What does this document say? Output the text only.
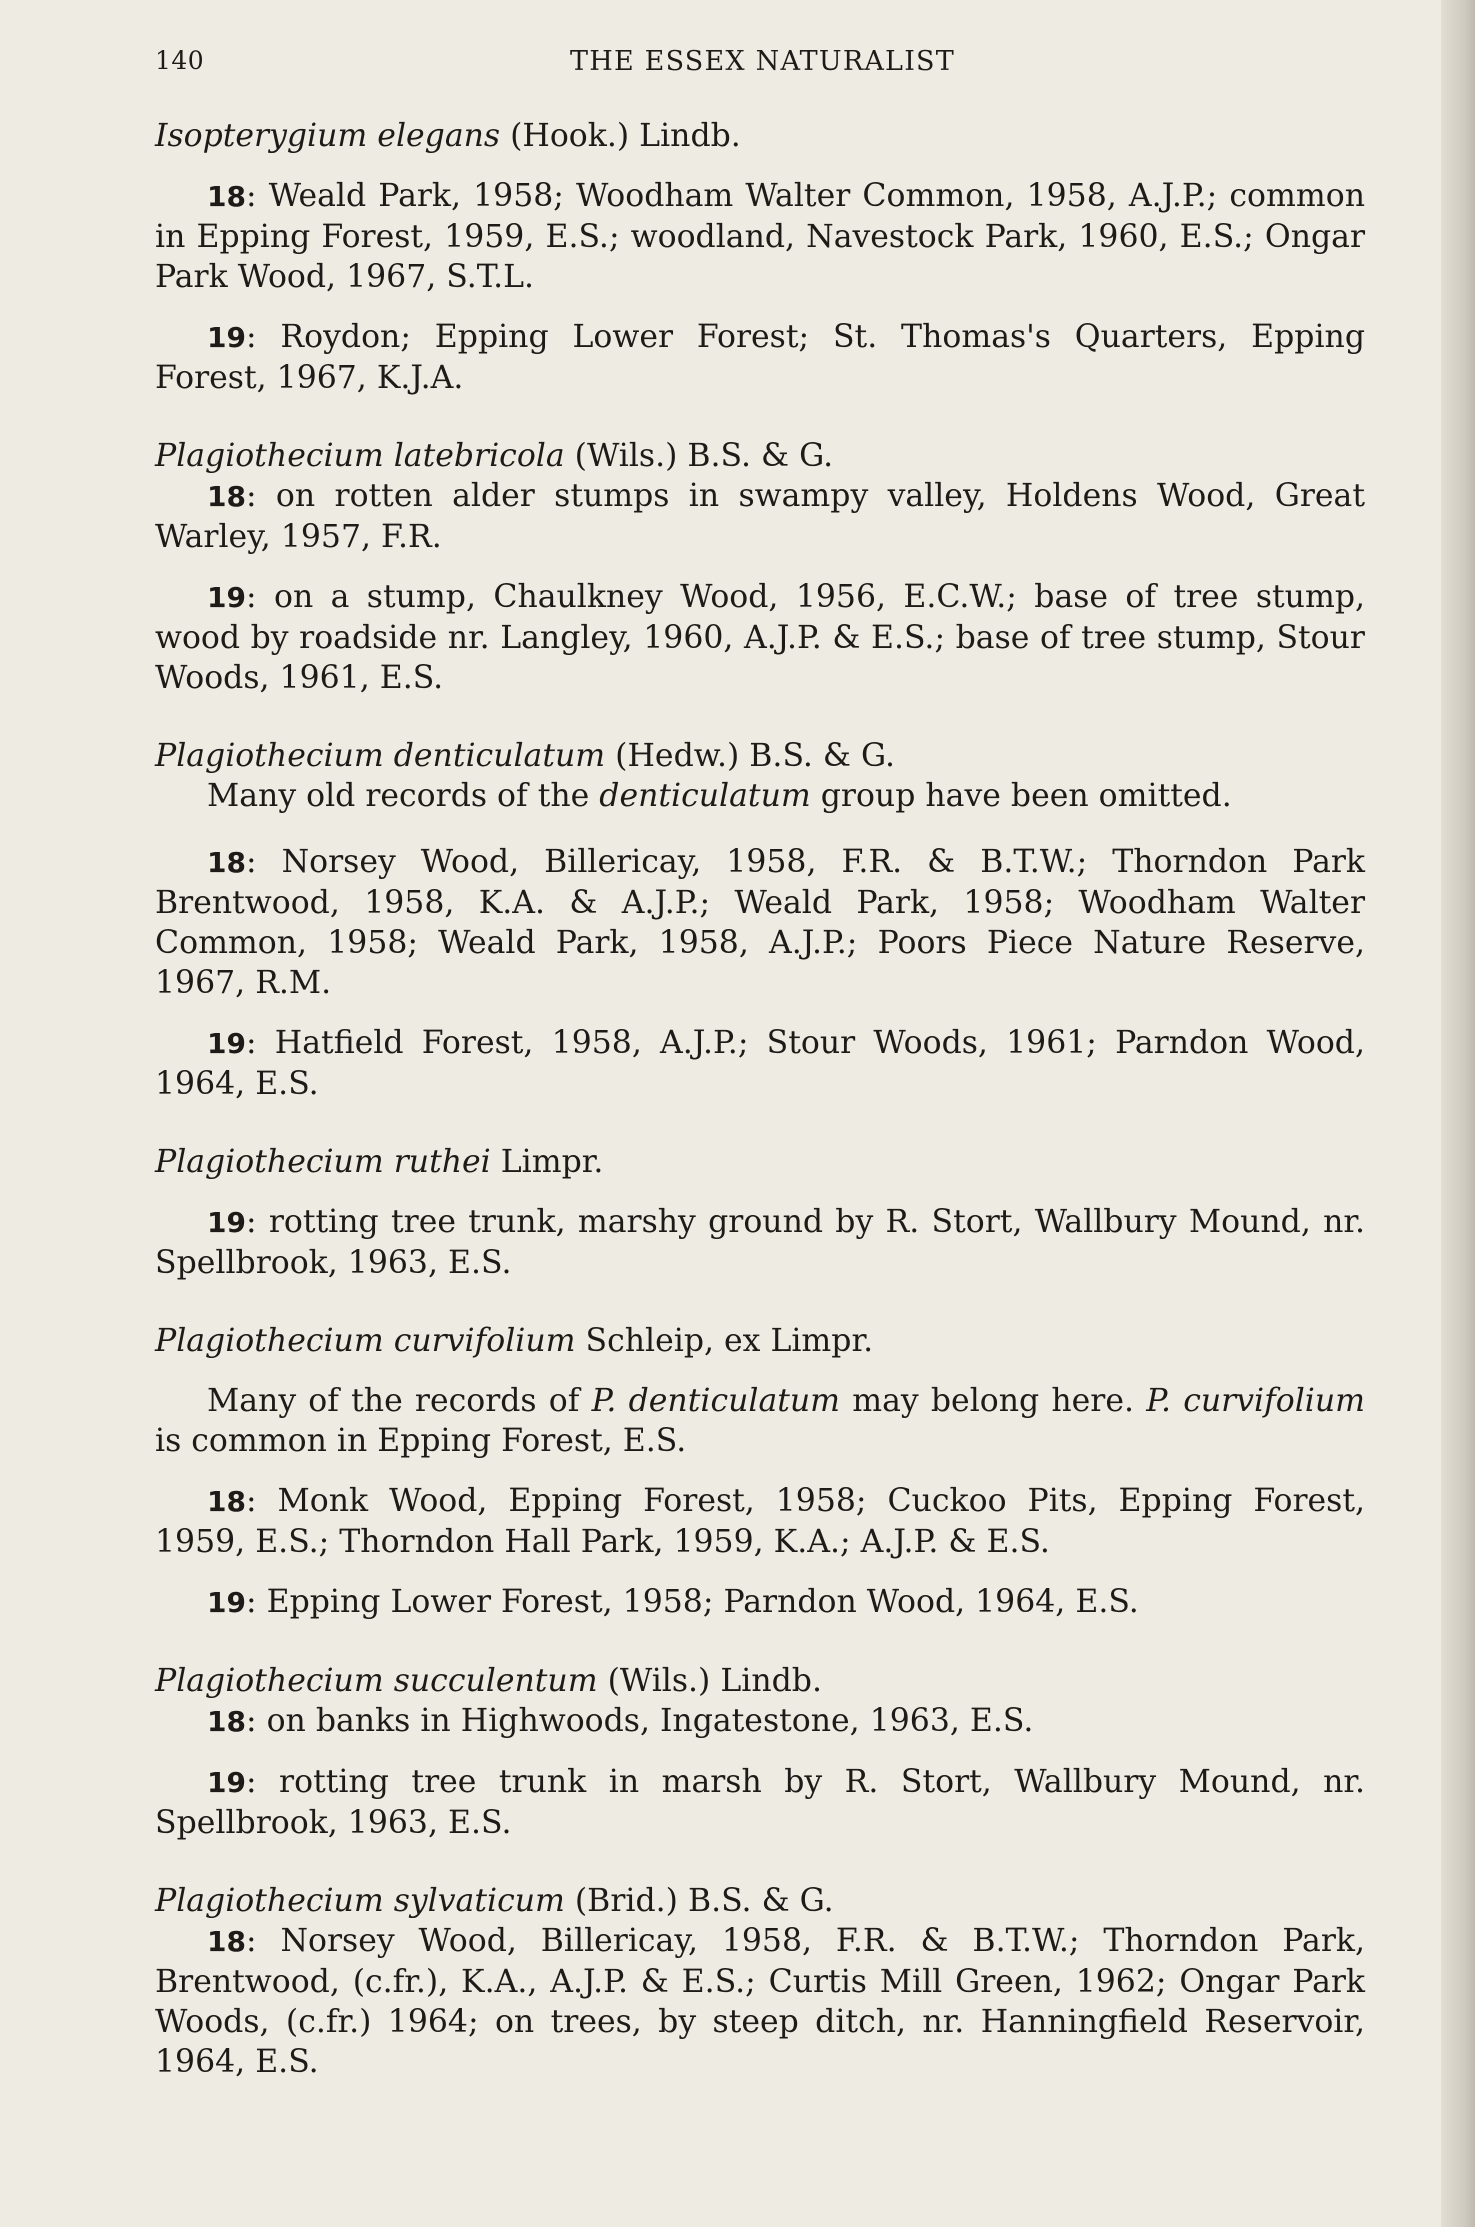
140	THE ESSEX NATURALIST

Isopterygium elegans (Hook.) Lindb.

18: Weald Park, 1958; Woodham Walter Common, 1958, A.J.P.; common in Epping Forest, 1959, E.S.; woodland, Navestock Park, 1960, E.S.; Ongar Park Wood, 1967, S.T.L.

19: Roydon; Epping Lower Forest; St. Thomas's Quarters, Epping Forest, 1967, K.J.A.

Plagiothecium latebricola (Wils.) B.S. & G.

18: on rotten alder stumps in swampy valley, Holdens Wood, Great Warley, 1957, F.R.

19: on a stump, Chaulkney Wood, 1956, E.C.W.; base of tree stump, wood by roadside nr. Langley, 1960, A.J.P. & E.S.; base of tree stump, Stour Woods, 1961, E.S.

Plagiothecium denticulatum (Hedw.) B.S. & G.

Many old records of the denticulatum group have been omitted.

18: Norsey Wood, Billericay, 1958, F.R. & B.T.W.; Thorndon Park Brentwood, 1958, K.A. & A.J.P.; Weald Park, 1958; Woodham Walter Common, 1958; Weald Park, 1958, A.J.P.; Poors Piece Nature Reserve, 1967, R.M.

19: Hatfield Forest, 1958, A.J.P.; Stour Woods, 1961; Parndon Wood, 1964, E.S.

Plagiothecium ruthei Limpr.

19: rotting tree trunk, marshy ground by R. Stort, Wallbury Mound, nr. Spellbrook, 1963, E.S.

Plagiothecium curvifolium Schleip, ex Limpr.

Many of the records of P. denticulatum may belong here. P. curvifolium is common in Epping Forest, E.S.

18: Monk Wood, Epping Forest, 1958; Cuckoo Pits, Epping Forest, 1959, E.S.; Thorndon Hall Park, 1959, K.A.; A.J.P. & E.S.

19: Epping Lower Forest, 1958; Parndon Wood, 1964, E.S.

Plagiothecium succulentum (Wils.) Lindb.

18: on banks in Highwoods, Ingatestone, 1963, E.S.

19: rotting tree trunk in marsh by R. Stort, Wallbury Mound, nr. Spellbrook, 1963, E.S.

Plagiothecium sylvaticum (Brid.) B.S. & G.

18: Norsey Wood, Billericay, 1958, F.R. & B.T.W.; Thorndon Park, Brentwood, (c.fr.), K.A., A.J.P. & E.S.; Curtis Mill Green, 1962; Ongar Park Woods, (c.fr.) 1964; on trees, by steep ditch, nr. Hanningfield Reservoir, 1964, E.S.
